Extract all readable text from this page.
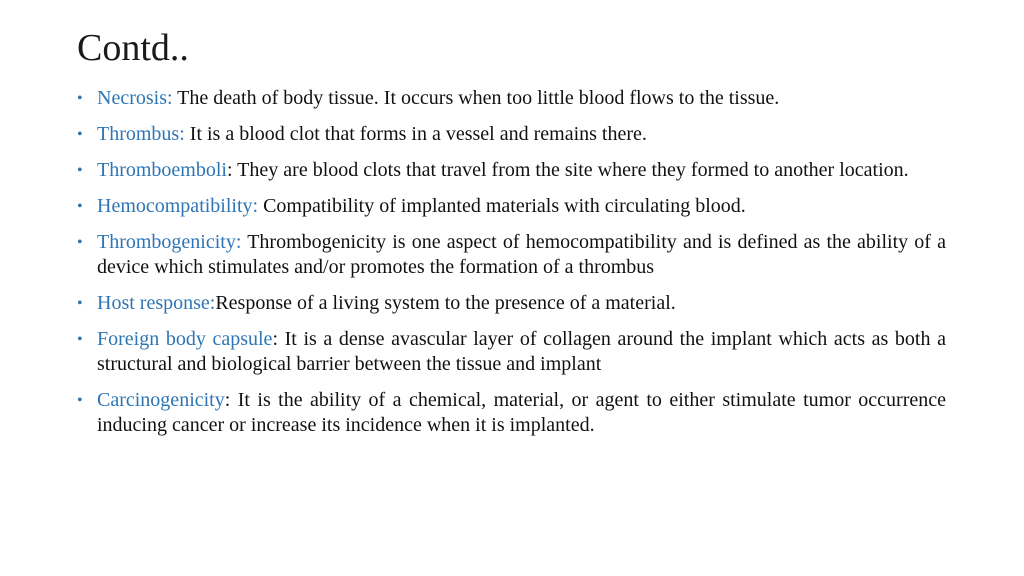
Contd..
• Necrosis: The death of body tissue. It occurs when too little blood flows to the tissue.
• Thrombus: It is a blood clot that forms in a vessel and remains there.
• Thromboemboli: They are blood clots that travel from the site where they formed to another location.
• Hemocompatibility: Compatibility of implanted materials with circulating blood.
• Thrombogenicity: Thrombogenicity is one aspect of hemocompatibility and is defined as the ability of a device which stimulates and/or promotes the formation of a thrombus
• Host response:Response of a living system to the presence of a material.
• Foreign body capsule: It is a dense avascular layer of collagen around the implant which acts as both a structural and biological barrier between the tissue and implant
• Carcinogenicity: It is the ability of a chemical, material, or agent to either stimulate tumor occurrence inducing cancer or increase its incidence when it is implanted.
